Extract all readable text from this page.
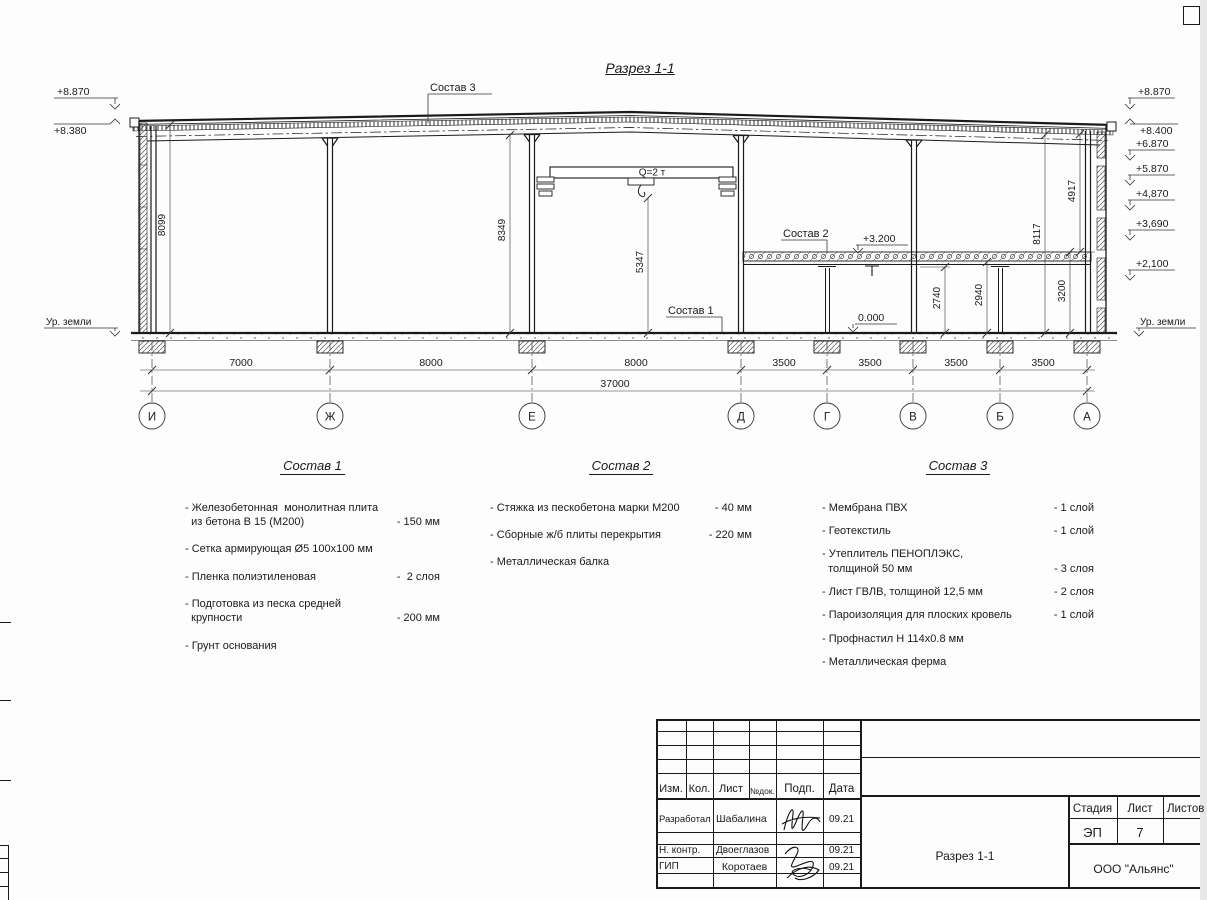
Разрез 1-1
Q=2 т
+8.870
+8.380
Ур. земли
+8.870
+8.400
+6.870
+5.870
+4,870
+3,690
+2,100
Ур. земли
Состав 3
Состав 2
Состав 1
+3.200
0.000
8099	8349
5347
2740	2940	3200
8117
4917
7000	8000	8000	3500	3500	3500	3500
37000
И	Ж	Е	Д	Г	В	Б	А
Состав 1
- Железобетонная  монолитная плита
из бетона В 15 (М200)	- 150 мм
- Сетка армирующая Ø5 100х100 мм
- Пленка полиэтиленовая	-  2 слоя
- Подготовка из песка средней
крупности	- 200 мм
- Грунт основания
Состав 2
- Стяжка из пескобетона марки М200	- 40 мм
- Сборные ж/б плиты перекрытия	- 220 мм
- Металлическая балка
Состав 3
- Мембрана ПВХ	- 1 слой
- Геотекстиль	- 1 слой
- Утеплитель ПЕНОПЛЭКС,
толщиной 50 мм	- 3 слоя
- Лист ГВЛВ, толщиной 12,5 мм	- 2 слоя
- Пароизоляция для плоских кровель	- 1 слой
- Профнастил Н 114х0.8 мм
- Металлическая ферма
Изм. Кол. Лист №док. Подп.	Дата
Разработал Шабалина	09.21
Н. контр.	Двоеглазов	09.21
ГИП	Коротаев	09.21
Разрез 1-1
Стадия	Лист	Листов
ЭП	7
ООО "Альянс"
